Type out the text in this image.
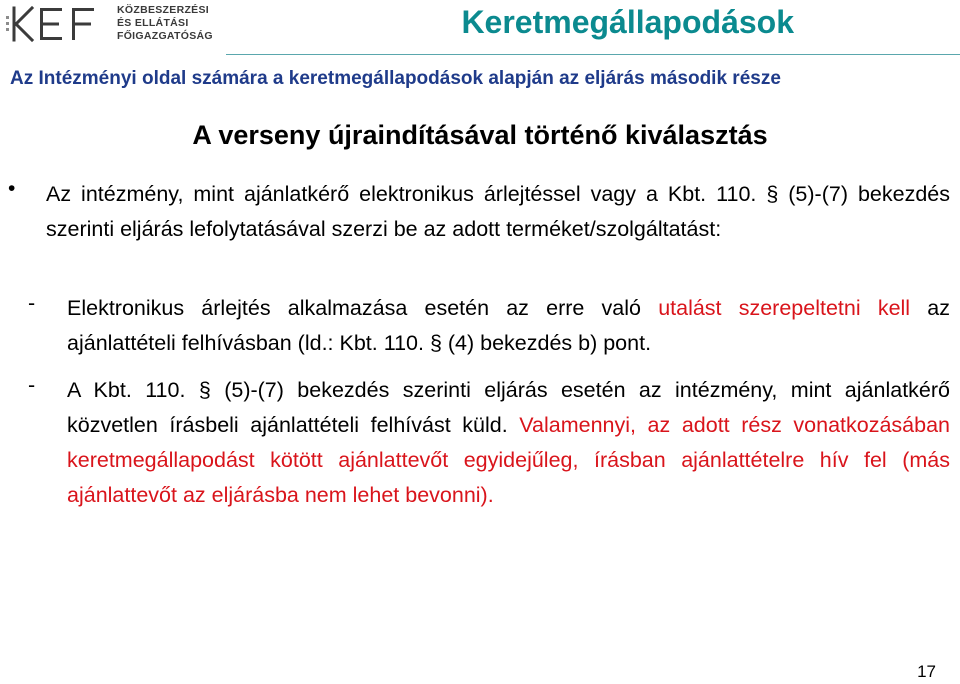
KÖZBESZERZÉSI
ÉS ELLÁTÁSI
FŐIGAZGATÓSÁG	Keretmegállapodások
Az Intézményi oldal számára a keretmegállapodások alapján az eljárás második része
A verseny újraindításával történő kiválasztás
• Az intézmény, mint ajánlatkérő elektronikus árlejtéssel vagy a Kbt. 110. § (5)-(7) bekezdés szerinti eljárás lefolytatásával szerzi be az adott terméket/szolgáltatást:
- Elektronikus árlejtés alkalmazása esetén az erre való utalást szerepeltetni kell az ajánlattételi felhívásban (ld.: Kbt. 110. § (4) bekezdés b) pont.
- A Kbt. 110. § (5)-(7) bekezdés szerinti eljárás esetén az intézmény, mint ajánlatkérő közvetlen írásbeli ajánlattételi felhívást küld. Valamennyi, az adott rész vonatkozásában keretmegállapodást kötött ajánlattevőt egyidejűleg, írásban ajánlattételre hív fel (más ajánlattevőt az eljárásba nem lehet bevonni).
17
